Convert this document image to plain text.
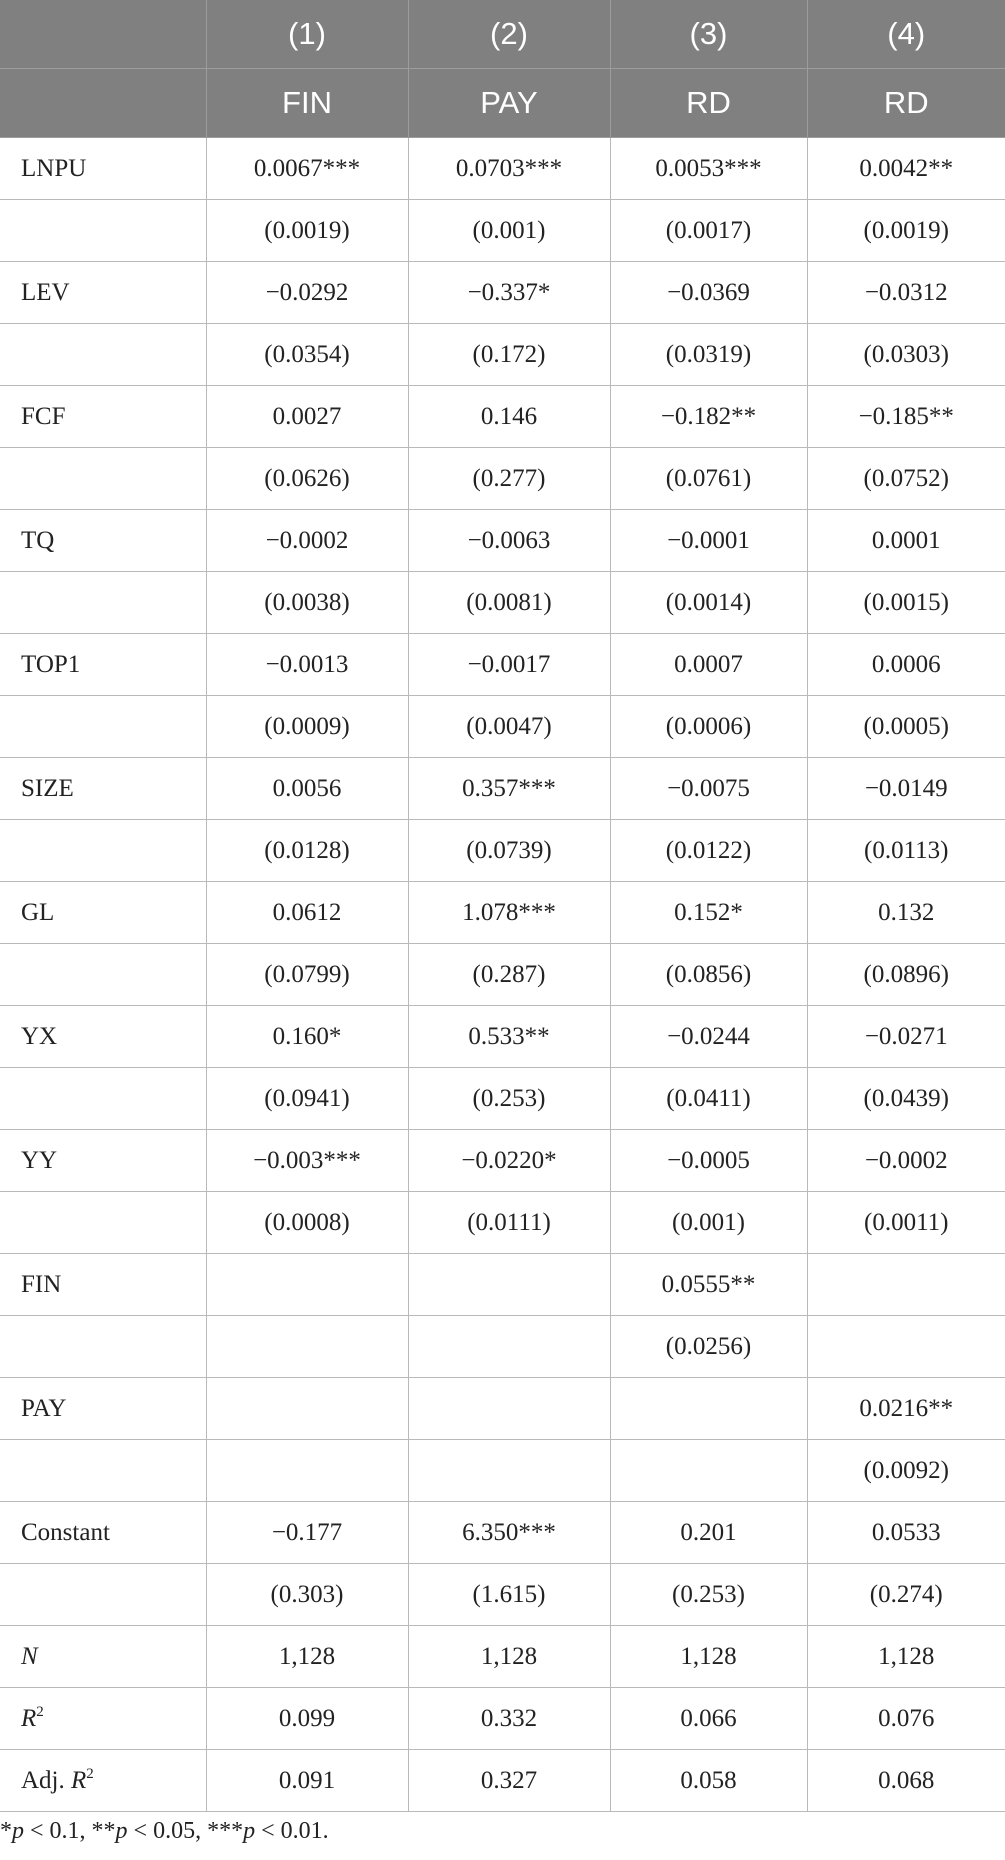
	(1)	(2)	(3)	(4)
	FIN	PAY	RD	RD
LNPU	0.0067***	0.0703***	0.0053***	0.0042**
	(0.0019)	(0.001)	(0.0017)	(0.0019)
LEV	−0.0292	−0.337*	−0.0369	−0.0312
	(0.0354)	(0.172)	(0.0319)	(0.0303)
FCF	0.0027	0.146	−0.182**	−0.185**
	(0.0626)	(0.277)	(0.0761)	(0.0752)
TQ	−0.0002	−0.0063	−0.0001	0.0001
	(0.0038)	(0.0081)	(0.0014)	(0.0015)
TOP1	−0.0013	−0.0017	0.0007	0.0006
	(0.0009)	(0.0047)	(0.0006)	(0.0005)
SIZE	0.0056	0.357***	−0.0075	−0.0149
	(0.0128)	(0.0739)	(0.0122)	(0.0113)
GL	0.0612	1.078***	0.152*	0.132
	(0.0799)	(0.287)	(0.0856)	(0.0896)
YX	0.160*	0.533**	−0.0244	−0.0271
	(0.0941)	(0.253)	(0.0411)	(0.0439)
YY	−0.003***	−0.0220*	−0.0005	−0.0002
	(0.0008)	(0.0111)	(0.001)	(0.0011)
FIN			0.0555**	
			(0.0256)	
PAY				0.0216**
				(0.0092)
Constant	−0.177	6.350***	0.201	0.0533
	(0.303)	(1.615)	(0.253)	(0.274)
N	1,128	1,128	1,128	1,128
$R^2$	0.099	0.332	0.066	0.076
Adj. $R^2$	0.091	0.327	0.058	0.068
*p < 0.1, **p < 0.05, ***p < 0.01.
